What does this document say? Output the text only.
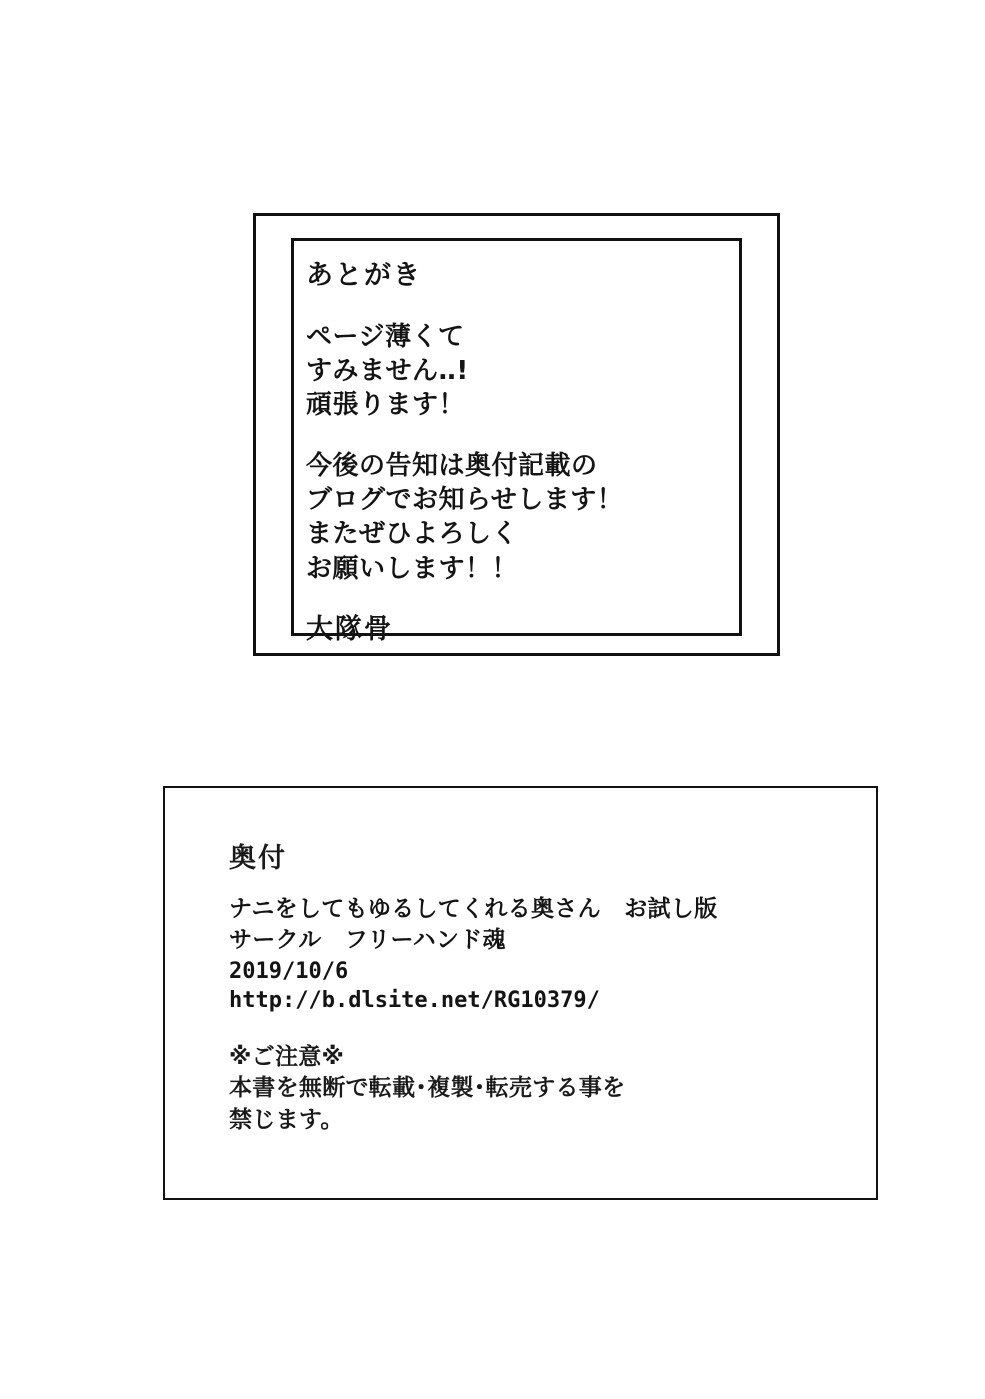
あとがき
ページ薄くて
すみません‥!
頑張ります！
今後の告知は奥付記載の
ブログでお知らせします！
またぜひよろしく
お願いします！！
大隊骨
奥付
ナニをしてもゆるしてくれる奥さん　お試し版
サークル　フリーハンド魂
2019/10/6
http://b.dlsite.net/RG10379/
※ご注意※
本書を無断で転載･複製･転売する事を
禁じます。
